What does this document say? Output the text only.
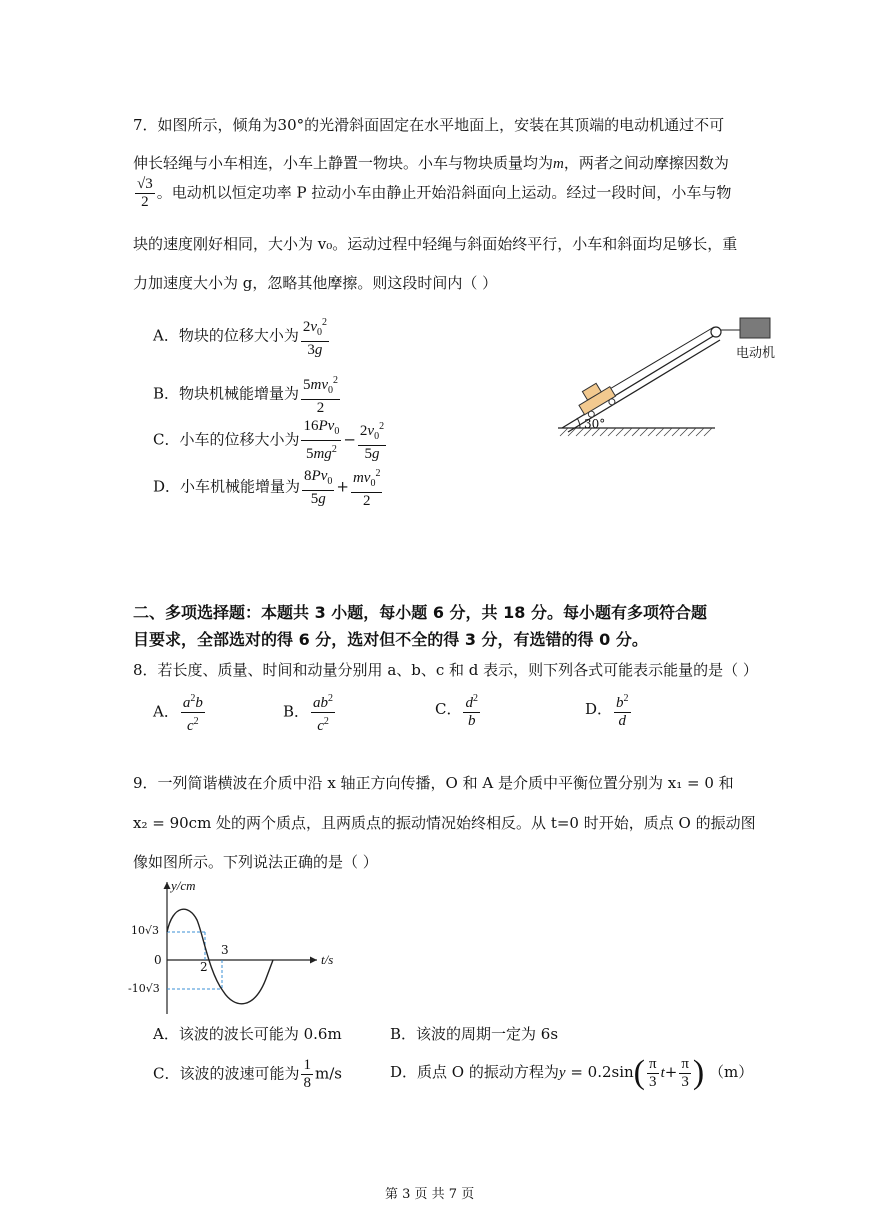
7．如图所示，倾角为30°的光滑斜面固定在水平地面上，安装在其顶端的电动机通过不可
伸长轻绳与小车相连，小车上静置一物块。小车与物块质量均为m，两者之间动摩擦因数为
$\frac{√3}{2}$ 。电动机以恒定功率 P 拉动小车由静止开始沿斜面向上运动。经过一段时间，小车与物
块的速度刚好相同，大小为 v₀。运动过程中轻绳与斜面始终平行，小车和斜面均足够长，重
力加速度大小为 g，忽略其他摩擦。则这段时间内（ ）
A．物块的位移大小为 $\frac{2v_0^2}{3g}$
B．物块机械能增量为 $\frac{5mv_0^2}{2}$
C．小车的位移大小为 $\frac{16Pv_0}{5mg^2} - \frac{2v_0^2}{5g}$
D．小车机械能增量为 $\frac{8Pv_0}{5g} + \frac{mv_0^2}{2}$
电动机
30°
二、多项选择题：本题共 3 小题，每小题 6 分，共 18 分。每小题有多项符合题
目要求，全部选对的得 6 分，选对但不全的得 3 分，有选错的得 0 分。
8．若长度、质量、时间和动量分别用 a、b、c 和 d 表示，则下列各式可能表示能量的是（ ）
A． $\frac{a^2b}{c^2}$	B． $\frac{ab^2}{c^2}$	C． $\frac{d^2}{b}$	D． $\frac{b^2}{d}$
9．一列简谐横波在介质中沿 x 轴正方向传播，O 和 A 是介质中平衡位置分别为 x₁ = 0 和
x₂ = 90cm 处的两个质点，且两质点的振动情况始终相反。从 t=0 时开始，质点 O 的振动图
像如图所示。下列说法正确的是（ ）
y/cm
t/s
10√3
0
-10√3
2
3
A．该波的波长可能为 0.6m	B．该波的周期一定为 6s
C．该波的波速可能为 $\frac{1}{8} m/s$	D．质点 O 的振动方程为$y = 0.2\sin( \frac{\pi}{3} t+ \frac{\pi}{3}$ ) （m）
第 3 页 共 7 页
